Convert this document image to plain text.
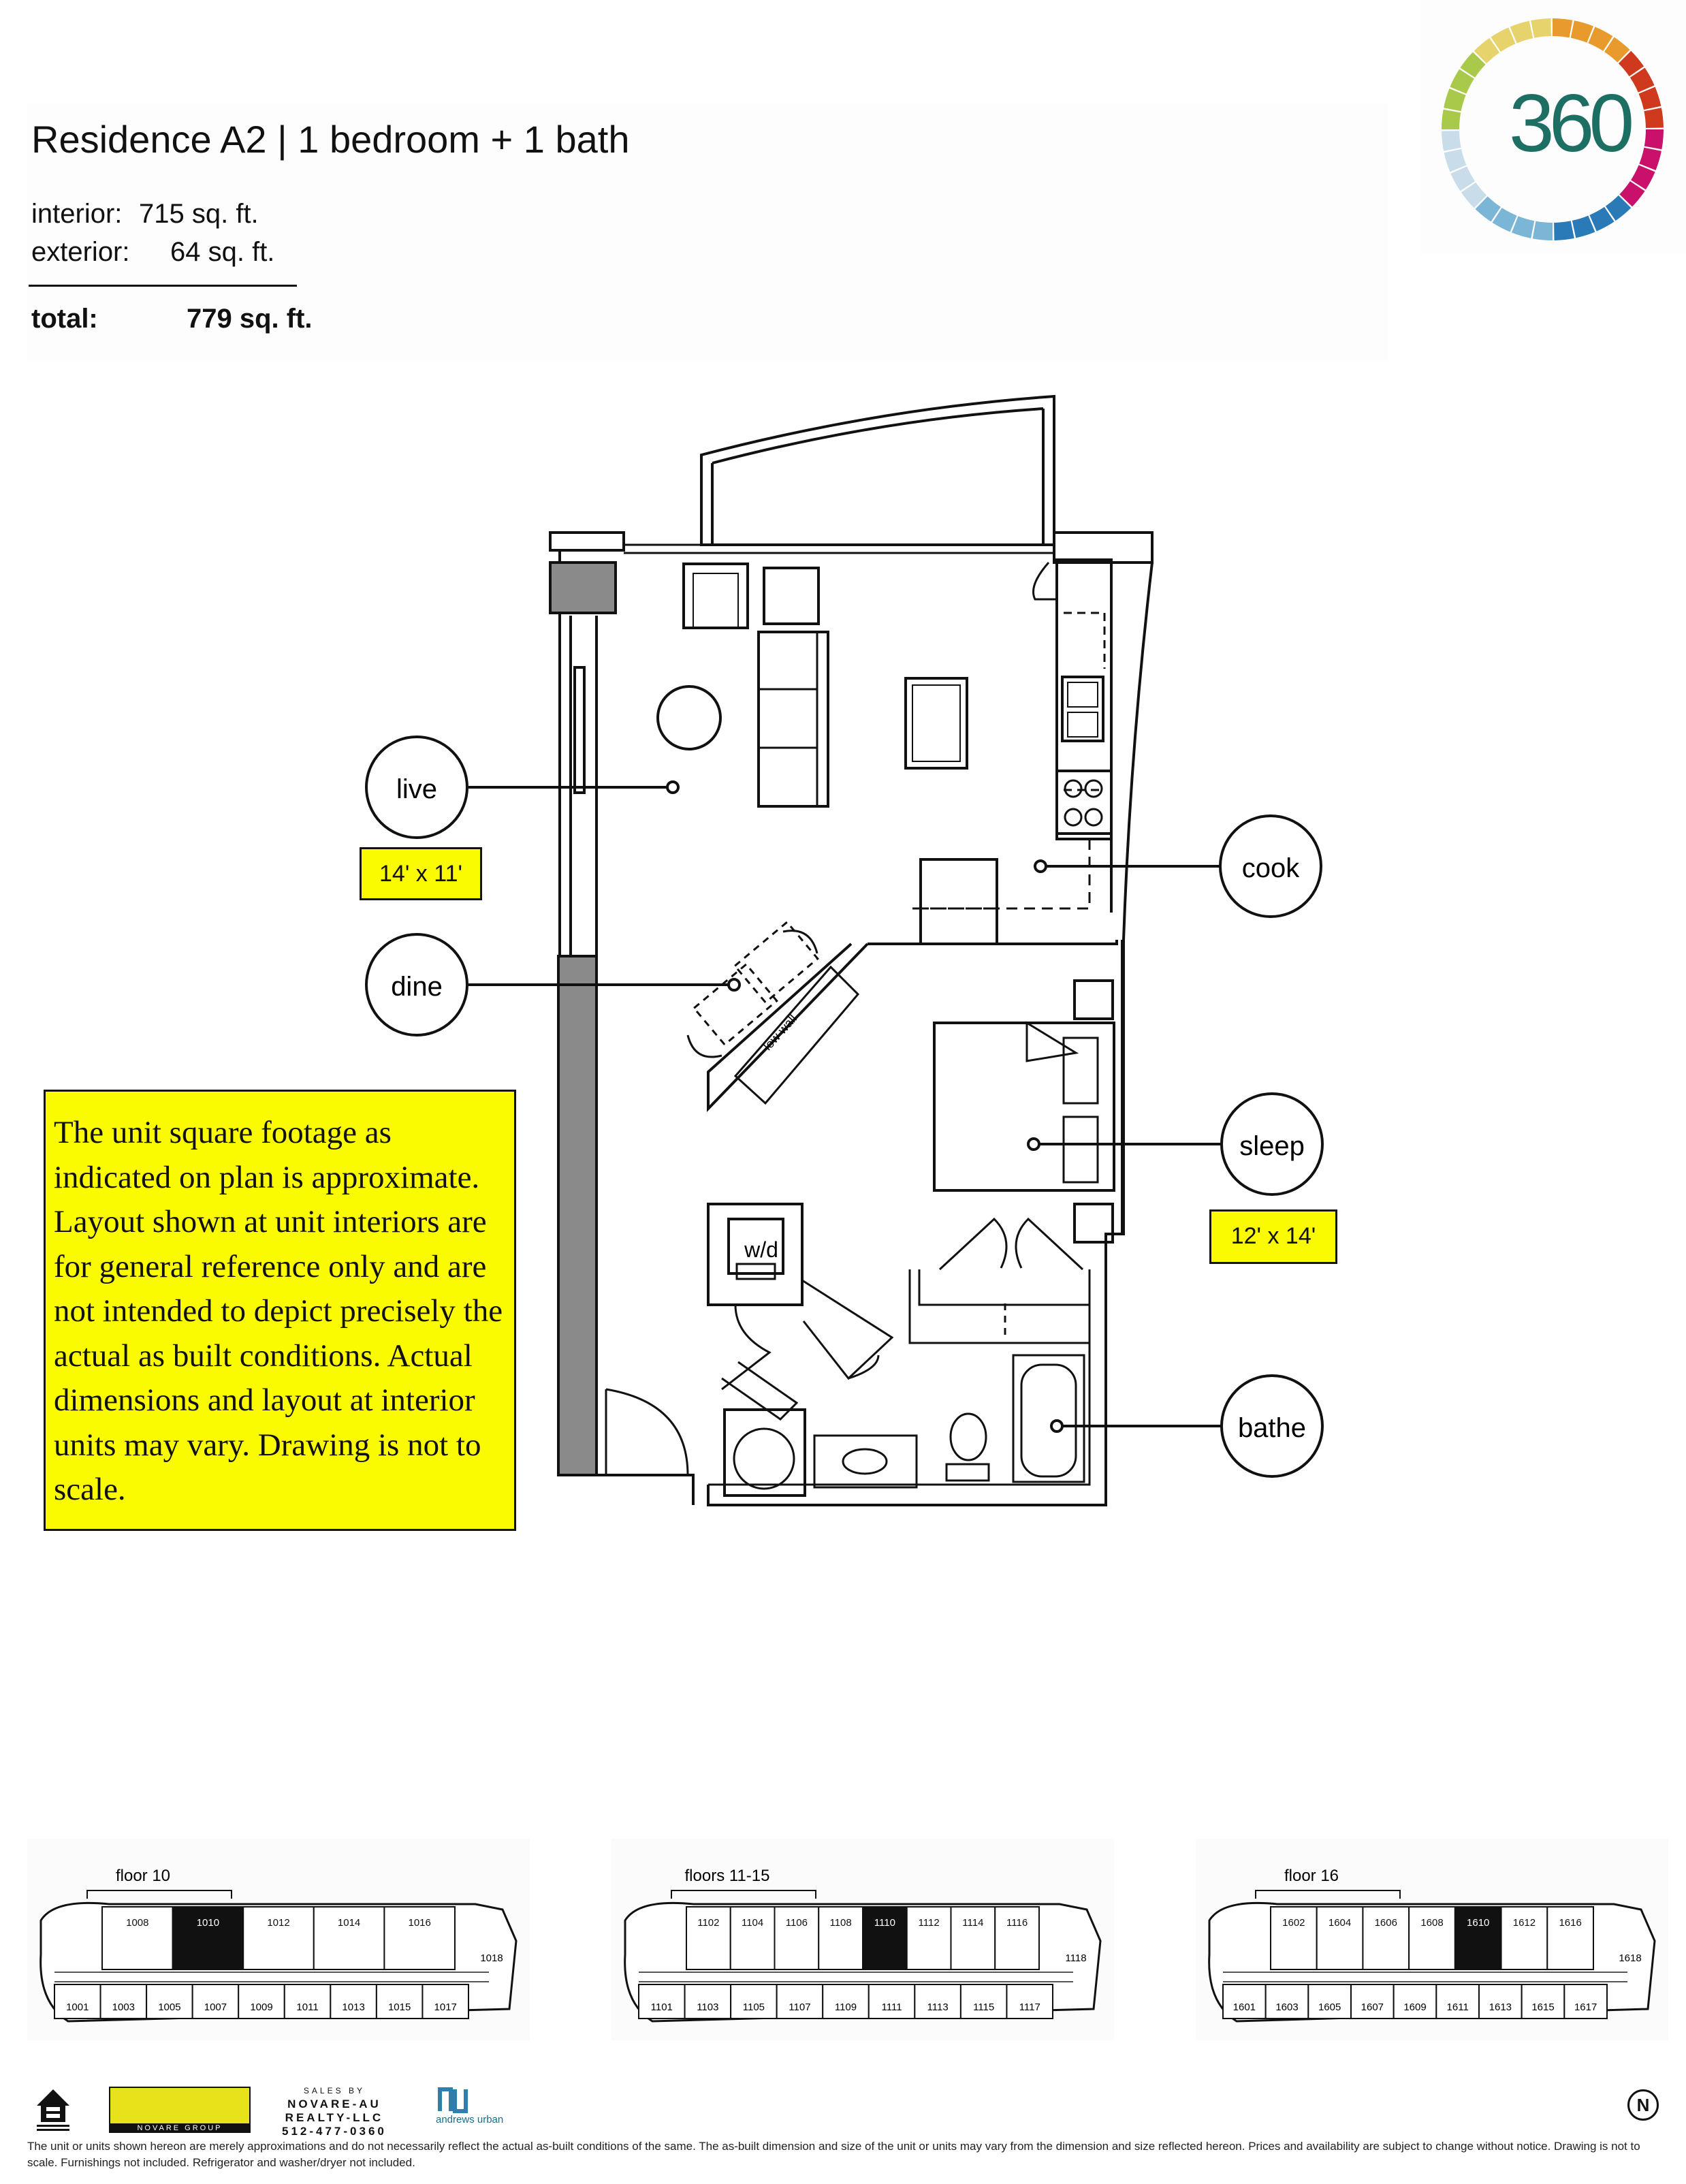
Residence A2 | 1 bedroom + 1 bath
interior: 715 sq. ft.
exterior: 64 sq. ft.
total:	779 sq. ft.
360
live
cook
dine
sleep
bathe
w/d
low wall
14' x 11'
12' x 14'
The unit square footage as indicated on plan is approximate. Layout shown at unit interiors are for general reference only and are not intended to depict precisely the actual as built conditions. Actual dimensions and layout at interior units may vary. Drawing is not to scale.
floor 10
1008	1010	1012	1014	1016
1001 1003 1005 1007 1009 1011 1013 1015 1017
1018
floors 11-15
1102 1104 1106 1108 1110 1112 1114 1116
1101 1103 1105 1107 1109 1111 1113 1115 1117
1118
floor 16
1602 1604 1606 1608 1610 1612 1616
1601 1603 1605 1607 1609 1611 1613 1615 1617
1618
NOVARE GROUP
SALES BY
NOVARE-AU
REALTY-LLC
512-477-0360
andrews urban
N
The unit or units shown hereon are merely approximations and do not necessarily reflect the actual as-built conditions of the same. The as-built dimension and size of the unit or units may vary from the dimension and size reflected hereon. Prices and availability are subject to change without notice. Drawing is not to scale. Furnishings not included. Refrigerator and washer/dryer not included.
